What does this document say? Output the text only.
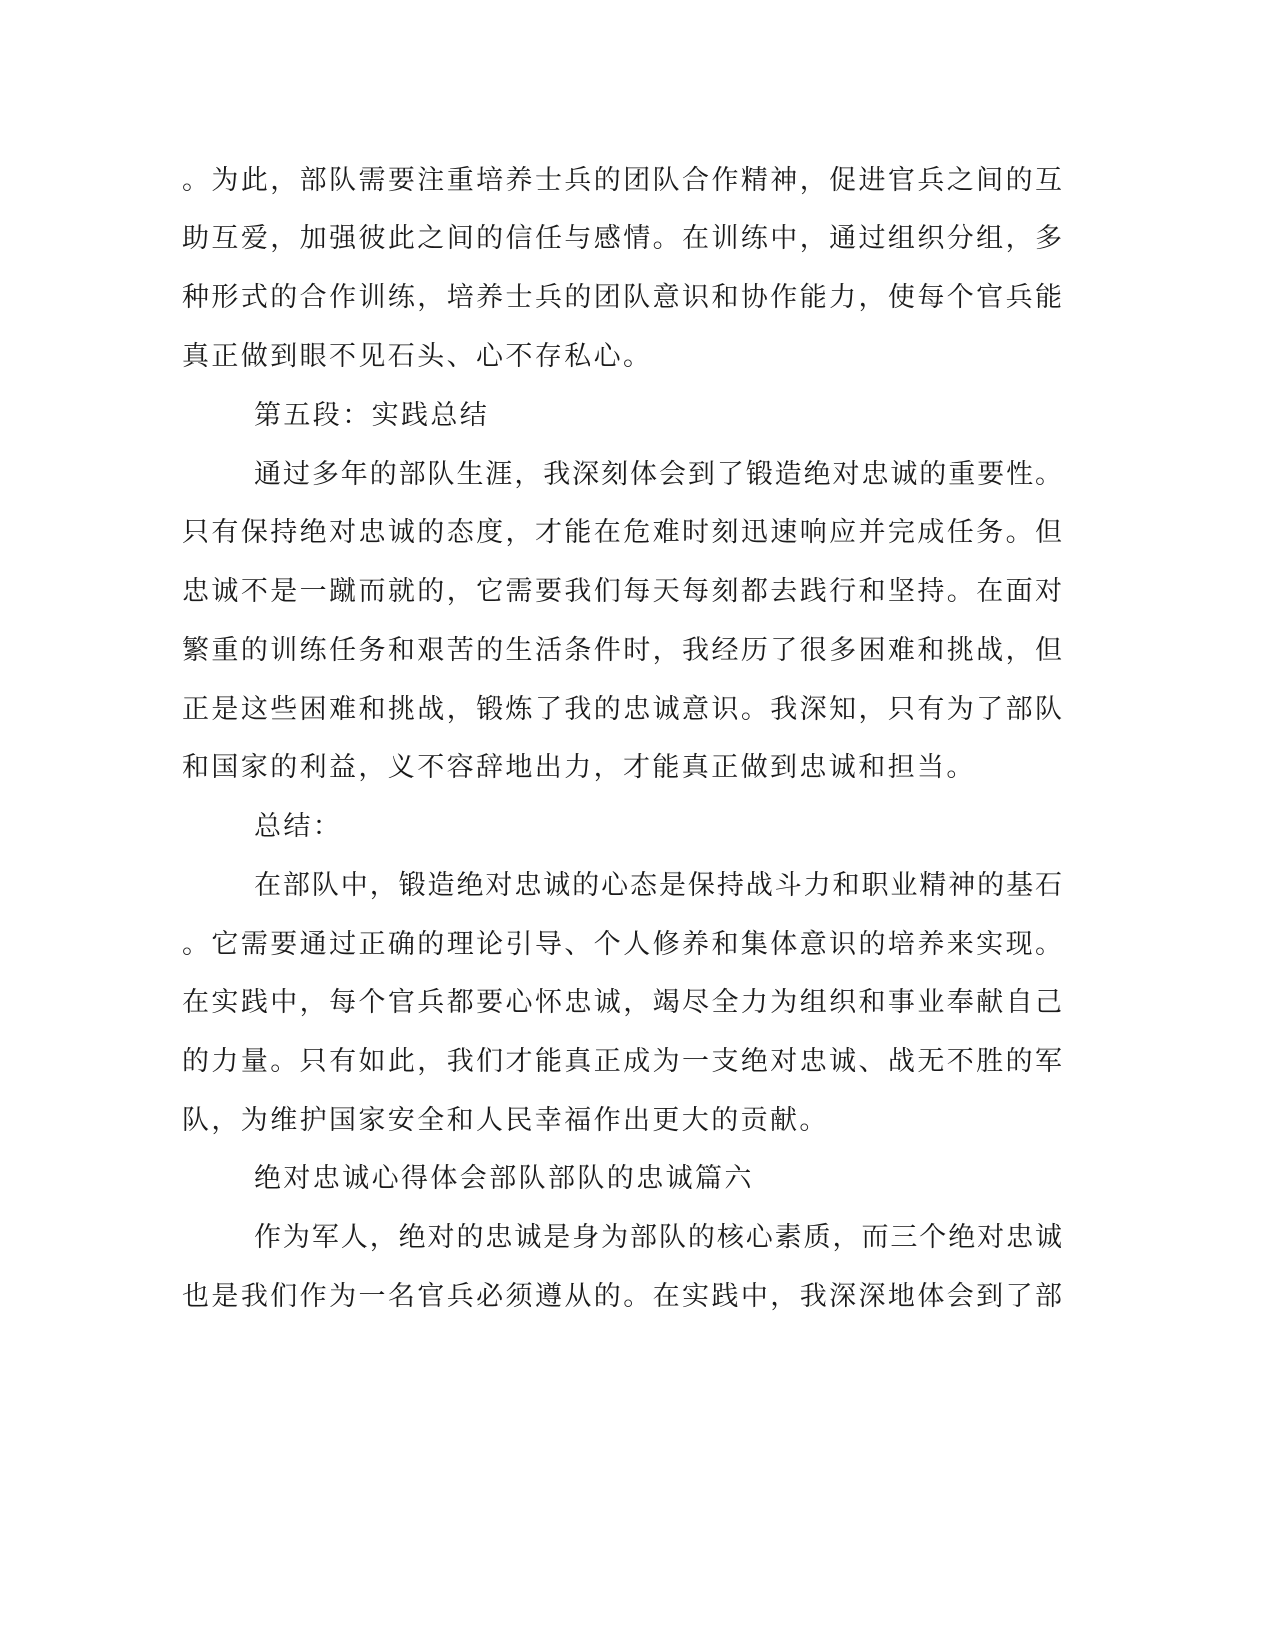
。为此，部队需要注重培养士兵的团队合作精神，促进官兵之间的互
助互爱，加强彼此之间的信任与感情。在训练中，通过组织分组，多
种形式的合作训练，培养士兵的团队意识和协作能力，使每个官兵能
真正做到眼不见石头、心不存私心。
第五段：实践总结
通过多年的部队生涯，我深刻体会到了锻造绝对忠诚的重要性。
只有保持绝对忠诚的态度，才能在危难时刻迅速响应并完成任务。但
忠诚不是一蹴而就的，它需要我们每天每刻都去践行和坚持。在面对
繁重的训练任务和艰苦的生活条件时，我经历了很多困难和挑战，但
正是这些困难和挑战，锻炼了我的忠诚意识。我深知，只有为了部队
和国家的利益，义不容辞地出力，才能真正做到忠诚和担当。
总结：
在部队中，锻造绝对忠诚的心态是保持战斗力和职业精神的基石
。它需要通过正确的理论引导、个人修养和集体意识的培养来实现。
在实践中，每个官兵都要心怀忠诚，竭尽全力为组织和事业奉献自己
的力量。只有如此，我们才能真正成为一支绝对忠诚、战无不胜的军
队，为维护国家安全和人民幸福作出更大的贡献。
绝对忠诚心得体会部队部队的忠诚篇六
作为军人，绝对的忠诚是身为部队的核心素质，而三个绝对忠诚
也是我们作为一名官兵必须遵从的。在实践中，我深深地体会到了部
